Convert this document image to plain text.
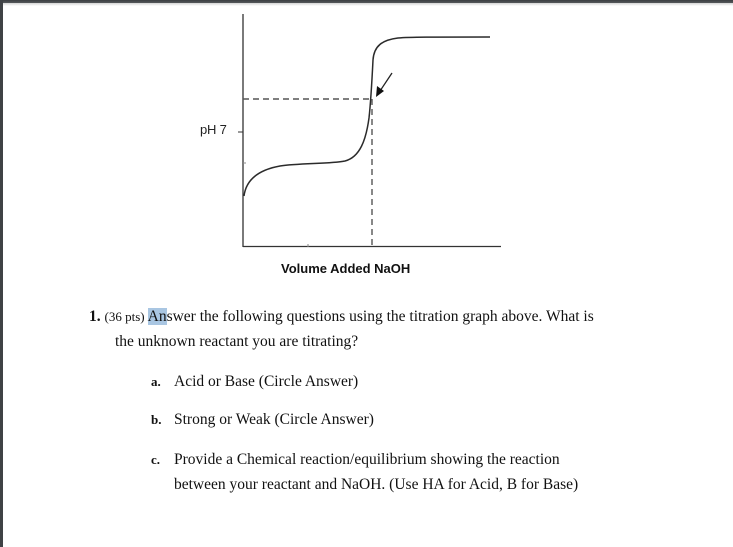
pH 7
Volume Added NaOH
1. (36 pts) Answer the following questions using the titration graph above. What is
the unknown reactant you are titrating?
a. Acid or Base (Circle Answer)
b. Strong or Weak (Circle Answer)
c. Provide a Chemical reaction/equilibrium showing the reaction
between your reactant and NaOH. (Use HA for Acid, B for Base)
